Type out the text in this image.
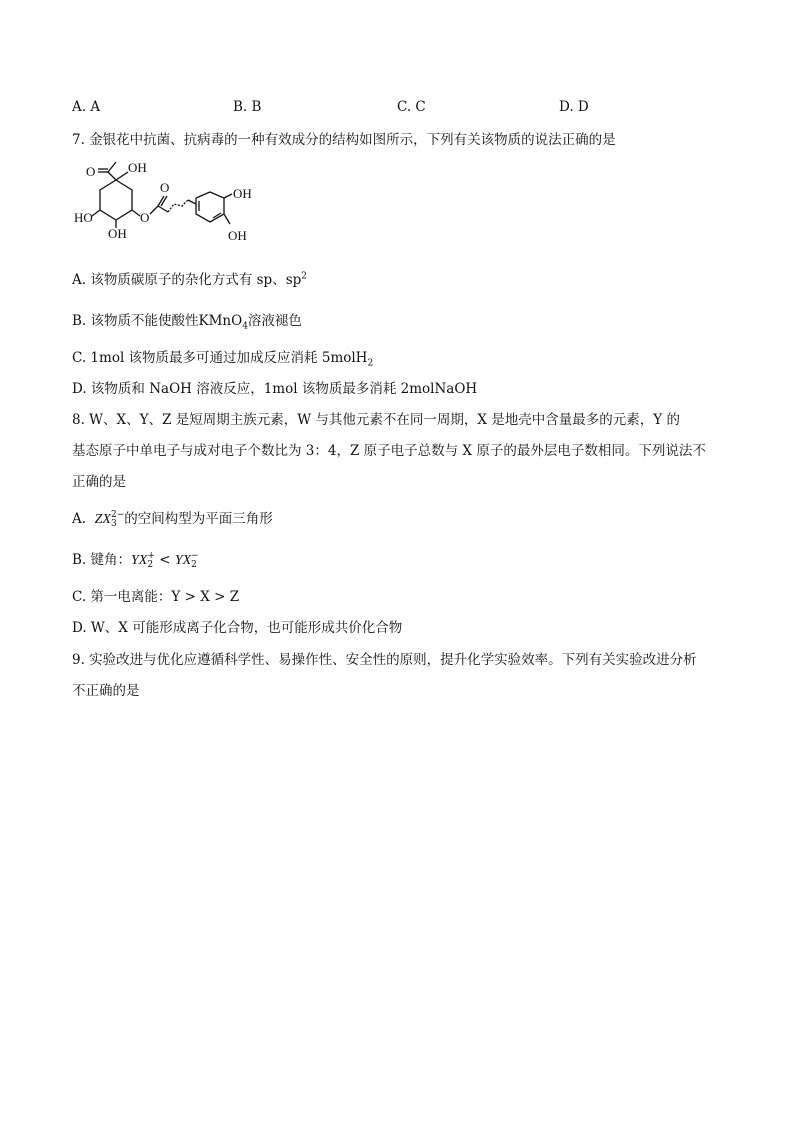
A. A	B. B	C. C	D. D
7. 金银花中抗菌、抗病毒的一种有效成分的结构如图所示，下列有关该物质的说法正确的是
O	OH
HO
OH
O
OH
OH
O
A. 该物质碳原子的杂化方式有 sp、$sp^2$
B. 该物质不能使酸性KMnO$_4$溶液褪色
C. 1mol 该物质最多可通过加成反应消耗 5molH$_2$
D. 该物质和 NaOH 溶液反应，1mol 该物质最多消耗 2molNaOH
8. W、X、Y、Z 是短周期主族元素，W 与其他元素不在同一周期，X 是地壳中含量最多的元素，Y 的
基态原子中单电子与成对电子个数比为 3：4，Z 原子电子总数与 X 原子的最外层电子数相同。下列说法不
正确的是
A. ZX 2−
3 的空间构型为平面三角形
B. 键角：YX +
2 < YX −
2
C. 第一电离能：Y > X > Z
D. W、X 可能形成离子化合物，也可能形成共价化合物
9. 实验改进与优化应遵循科学性、易操作性、安全性的原则，提升化学实验效率。下列有关实验改进分析
不正确的是
